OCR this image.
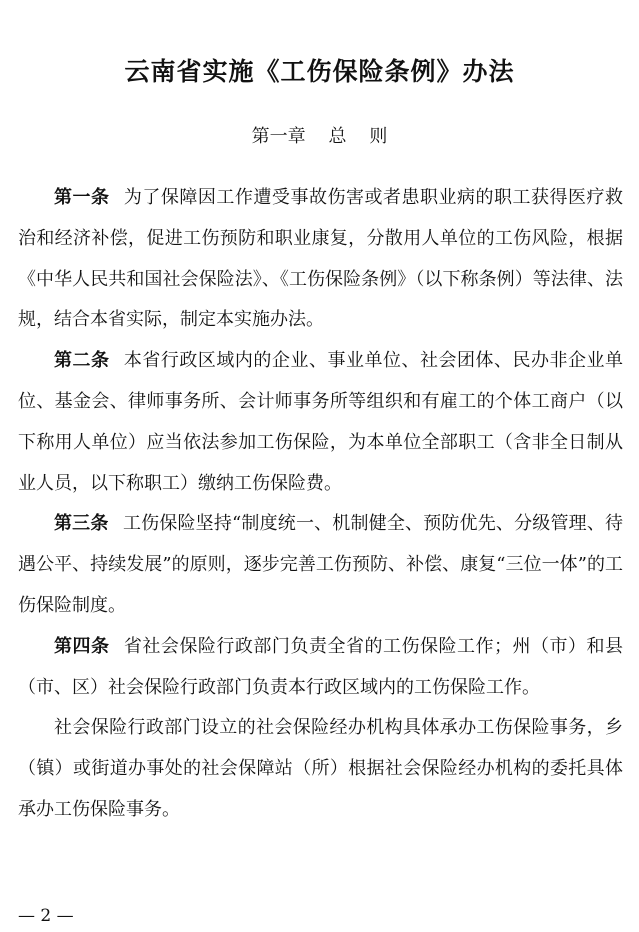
云南省实施《工伤保险条例》办法
第一章    总    则

第一条 为了保障因工作遭受事故伤害或者患职业病的职工获得医疗救治和经济补偿，促进工伤预防和职业康复，分散用人单位的工伤风险，根据《中华人民共和国社会保险法》、《工伤保险条例》（以下称条例）等法律、法规，结合本省实际，制定本实施办法。

第二条 本省行政区域内的企业、事业单位、社会团体、民办非企业单位、基金会、律师事务所、会计师事务所等组织和有雇工的个体工商户（以下称用人单位）应当依法参加工伤保险，为本单位全部职工（含非全日制从业人员，以下称职工）缴纳工伤保险费。

第三条 工伤保险坚持“制度统一、机制健全、预防优先、分级管理、待遇公平、持续发展”的原则，逐步完善工伤预防、补偿、康复“三位一体”的工伤保险制度。

第四条 省社会保险行政部门负责全省的工伤保险工作；州（市）和县（市、区）社会保险行政部门负责本行政区域内的工伤保险工作。

社会保险行政部门设立的社会保险经办机构具体承办工伤保险事务，乡（镇）或街道办事处的社会保障站（所）根据社会保险经办机构的委托具体承办工伤保险事务。

— 2 —
